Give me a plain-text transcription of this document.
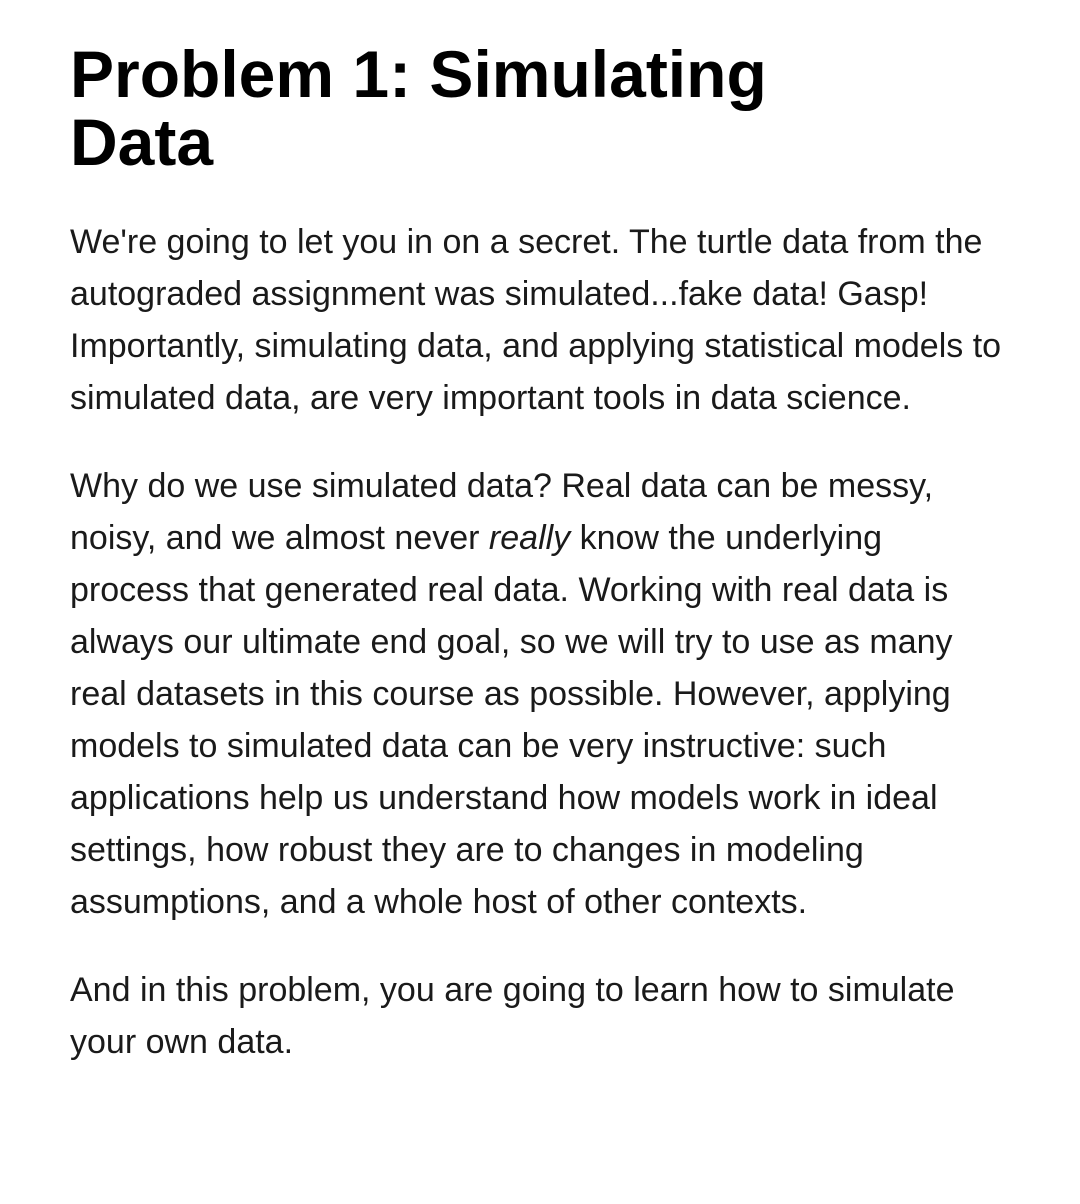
Problem 1: Simulating Data

We're going to let you in on a secret. The turtle data from the autograded assignment was simulated...fake data! Gasp! Importantly, simulating data, and applying statistical models to simulated data, are very important tools in data science.

Why do we use simulated data? Real data can be messy, noisy, and we almost never really know the underlying process that generated real data. Working with real data is always our ultimate end goal, so we will try to use as many real datasets in this course as possible. However, applying models to simulated data can be very instructive: such applications help us understand how models work in ideal settings, how robust they are to changes in modeling assumptions, and a whole host of other contexts.

And in this problem, you are going to learn how to simulate your own data.
